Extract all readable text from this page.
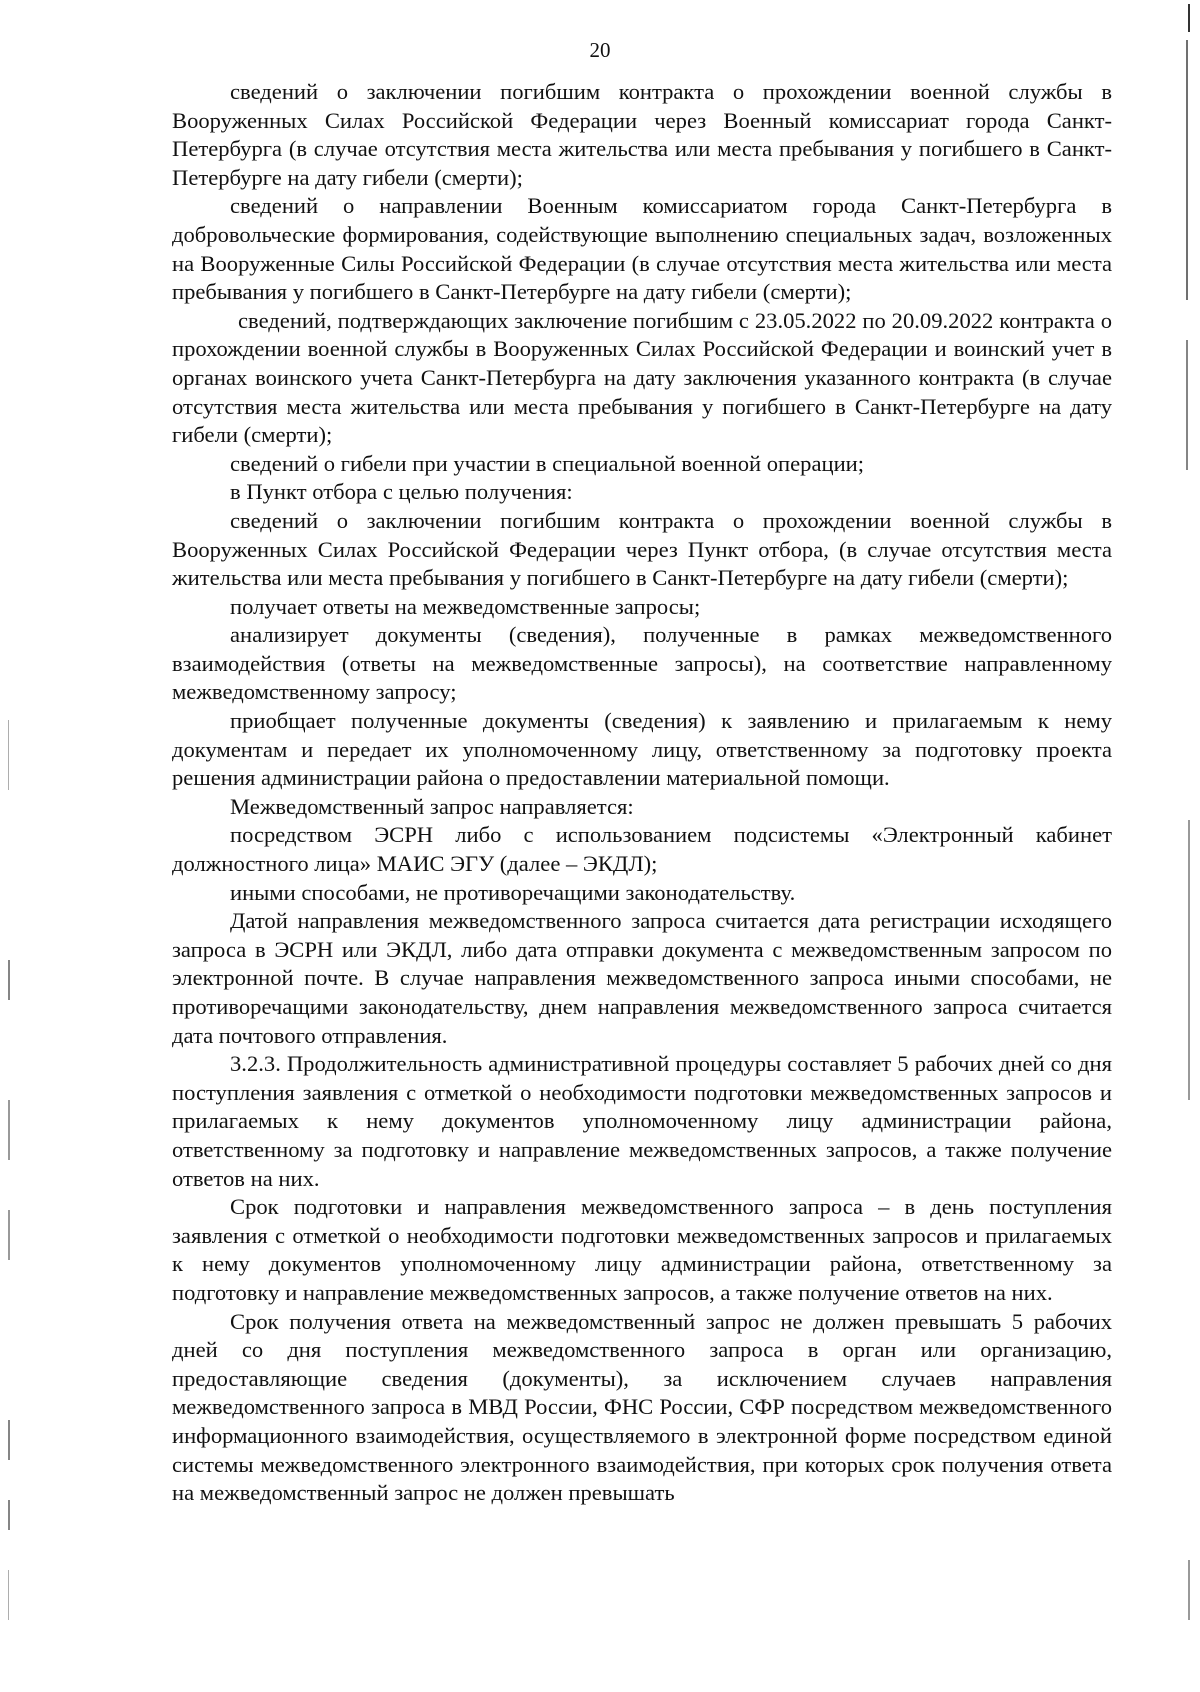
20

сведений о заключении погибшим контракта о прохождении военной службы в Вооруженных Силах Российской Федерации через Военный комиссариат города Санкт-Петербурга (в случае отсутствия места жительства или места пребывания у погибшего в Санкт-Петербурге на дату гибели (смерти);

сведений о направлении Военным комиссариатом города Санкт-Петербурга в добровольческие формирования, содействующие выполнению специальных задач, возложенных на Вооруженные Силы Российской Федерации (в случае отсутствия места жительства или места пребывания у погибшего в Санкт-Петербурге на дату гибели (смерти);

сведений, подтверждающих заключение погибшим с 23.05.2022 по 20.09.2022 контракта о прохождении военной службы в Вооруженных Силах Российской Федерации и воинский учет в органах воинского учета Санкт-Петербурга на дату заключения указанного контракта (в случае отсутствия места жительства или места пребывания у погибшего в Санкт-Петербурге на дату гибели (смерти);

сведений о гибели при участии в специальной военной операции;

в Пункт отбора с целью получения:

сведений о заключении погибшим контракта о прохождении военной службы в Вооруженных Силах Российской Федерации через Пункт отбора, (в случае отсутствия места жительства или места пребывания у погибшего в Санкт-Петербурге на дату гибели (смерти);

получает ответы на межведомственные запросы;

анализирует документы (сведения), полученные в рамках межведомственного взаимодействия (ответы на межведомственные запросы), на соответствие направленному межведомственному запросу;

приобщает полученные документы (сведения) к заявлению и прилагаемым к нему документам и передает их уполномоченному лицу, ответственному за подготовку проекта решения администрации района о предоставлении материальной помощи.

Межведомственный запрос направляется:

посредством ЭСРН либо с использованием подсистемы «Электронный кабинет должностного лица» МАИС ЭГУ (далее – ЭКДЛ);

иными способами, не противоречащими законодательству.

Датой направления межведомственного запроса считается дата регистрации исходящего запроса в ЭСРН или ЭКДЛ, либо дата отправки документа с межведомственным запросом по электронной почте. В случае направления межведомственного запроса иными способами, не противоречащими законодательству, днем направления межведомственного запроса считается дата почтового отправления.

3.2.3. Продолжительность административной процедуры составляет 5 рабочих дней со дня поступления заявления с отметкой о необходимости подготовки межведомственных запросов и прилагаемых к нему документов уполномоченному лицу администрации района, ответственному за подготовку и направление межведомственных запросов, а также получение ответов на них.

Срок подготовки и направления межведомственного запроса – в день поступления заявления с отметкой о необходимости подготовки межведомственных запросов и прилагаемых к нему документов уполномоченному лицу администрации района, ответственному за подготовку и направление межведомственных запросов, а также получение ответов на них.

Срок получения ответа на межведомственный запрос не должен превышать 5 рабочих дней со дня поступления межведомственного запроса в орган или организацию, предоставляющие сведения (документы), за исключением случаев направления межведомственного запроса в МВД России, ФНС России, СФР посредством межведомственного информационного взаимодействия, осуществляемого в электронной форме посредством единой системы межведомственного электронного взаимодействия, при которых срок получения ответа на межведомственный запрос не должен превышать
